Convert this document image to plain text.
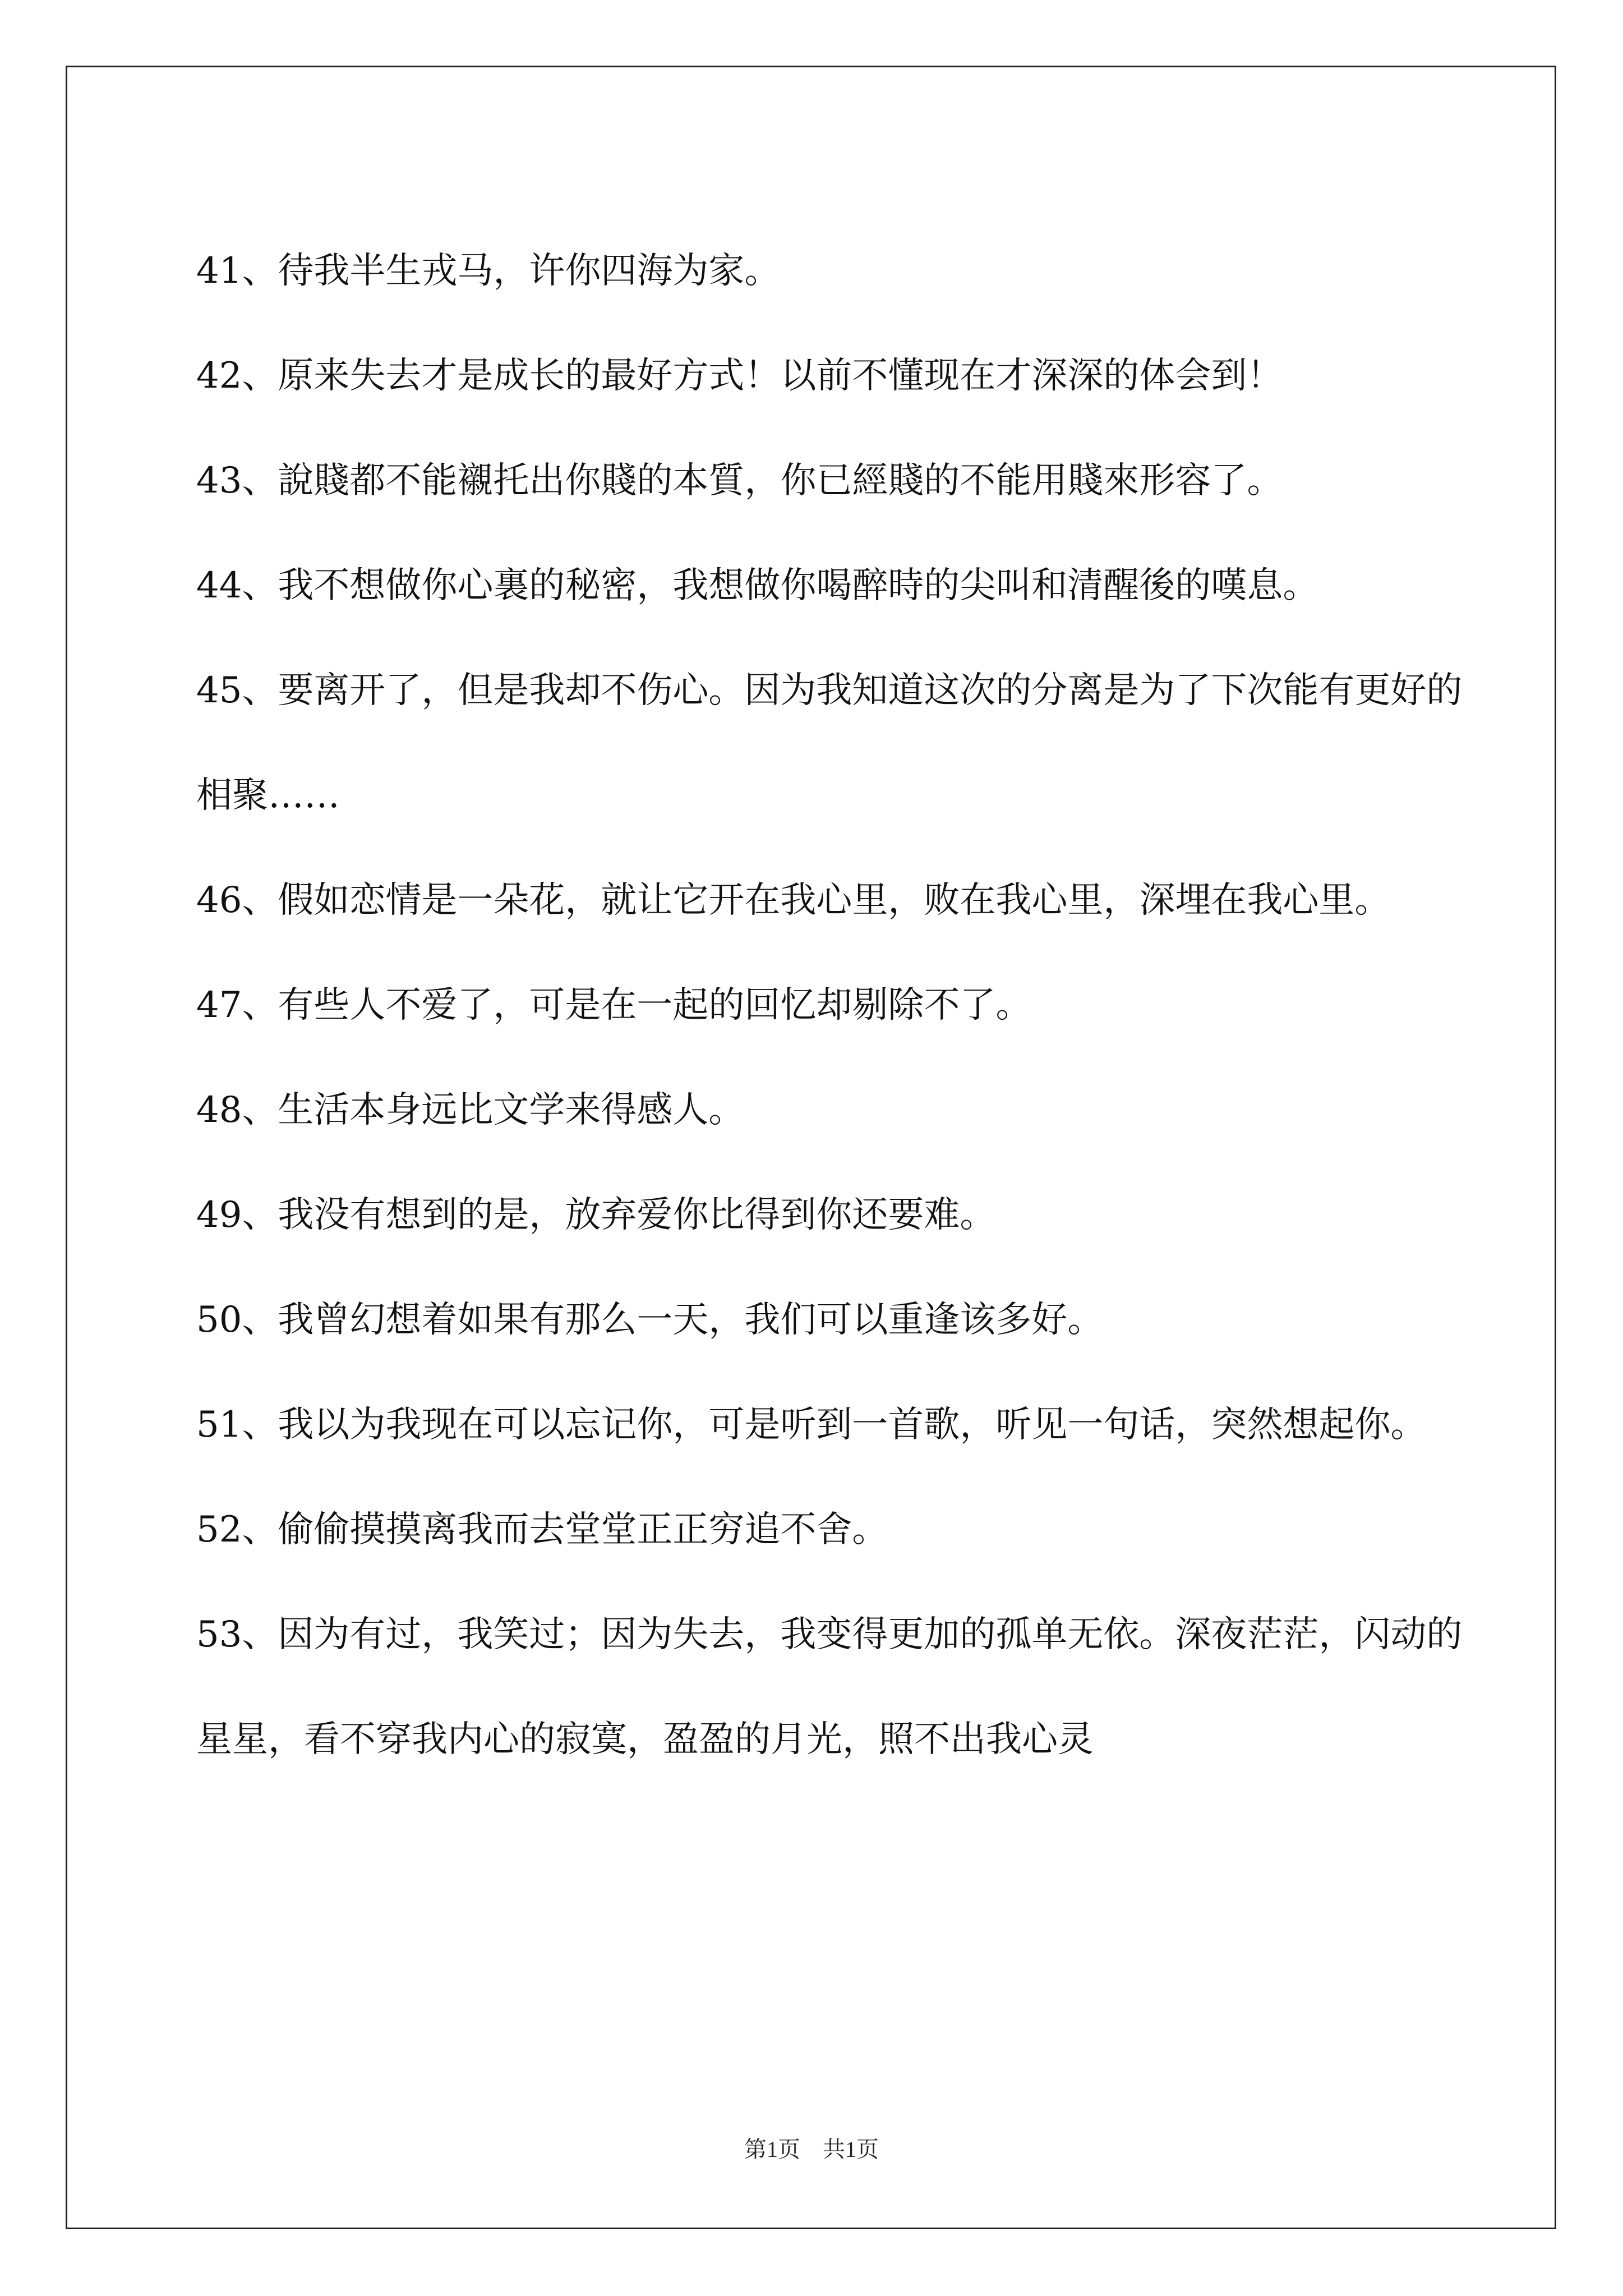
41、待我半生戎马，许你四海为家。

42、原来失去才是成长的最好方式！以前不懂现在才深深的体会到！

43、說賤都不能襯托出你賤的本質，你已經賤的不能用賤來形容了。

44、我不想做你心裏的秘密，我想做你喝醉時的尖叫和清醒後的嘆息。

45、要离开了，但是我却不伤心。因为我知道这次的分离是为了下次能有更好的相聚……

46、假如恋情是一朵花，就让它开在我心里，败在我心里，深埋在我心里。

47、有些人不爱了，可是在一起的回忆却剔除不了。

48、生活本身远比文学来得感人。

49、我没有想到的是，放弃爱你比得到你还要难。

50、我曾幻想着如果有那么一天，我们可以重逢该多好。

51、我以为我现在可以忘记你，可是听到一首歌，听见一句话，突然想起你。

52、偷偷摸摸离我而去堂堂正正穷追不舍。

53、因为有过，我笑过；因为失去，我变得更加的孤单无依。深夜茫茫，闪动的星星，看不穿我内心的寂寞，盈盈的月光，照不出我心灵

第1页 共1页
